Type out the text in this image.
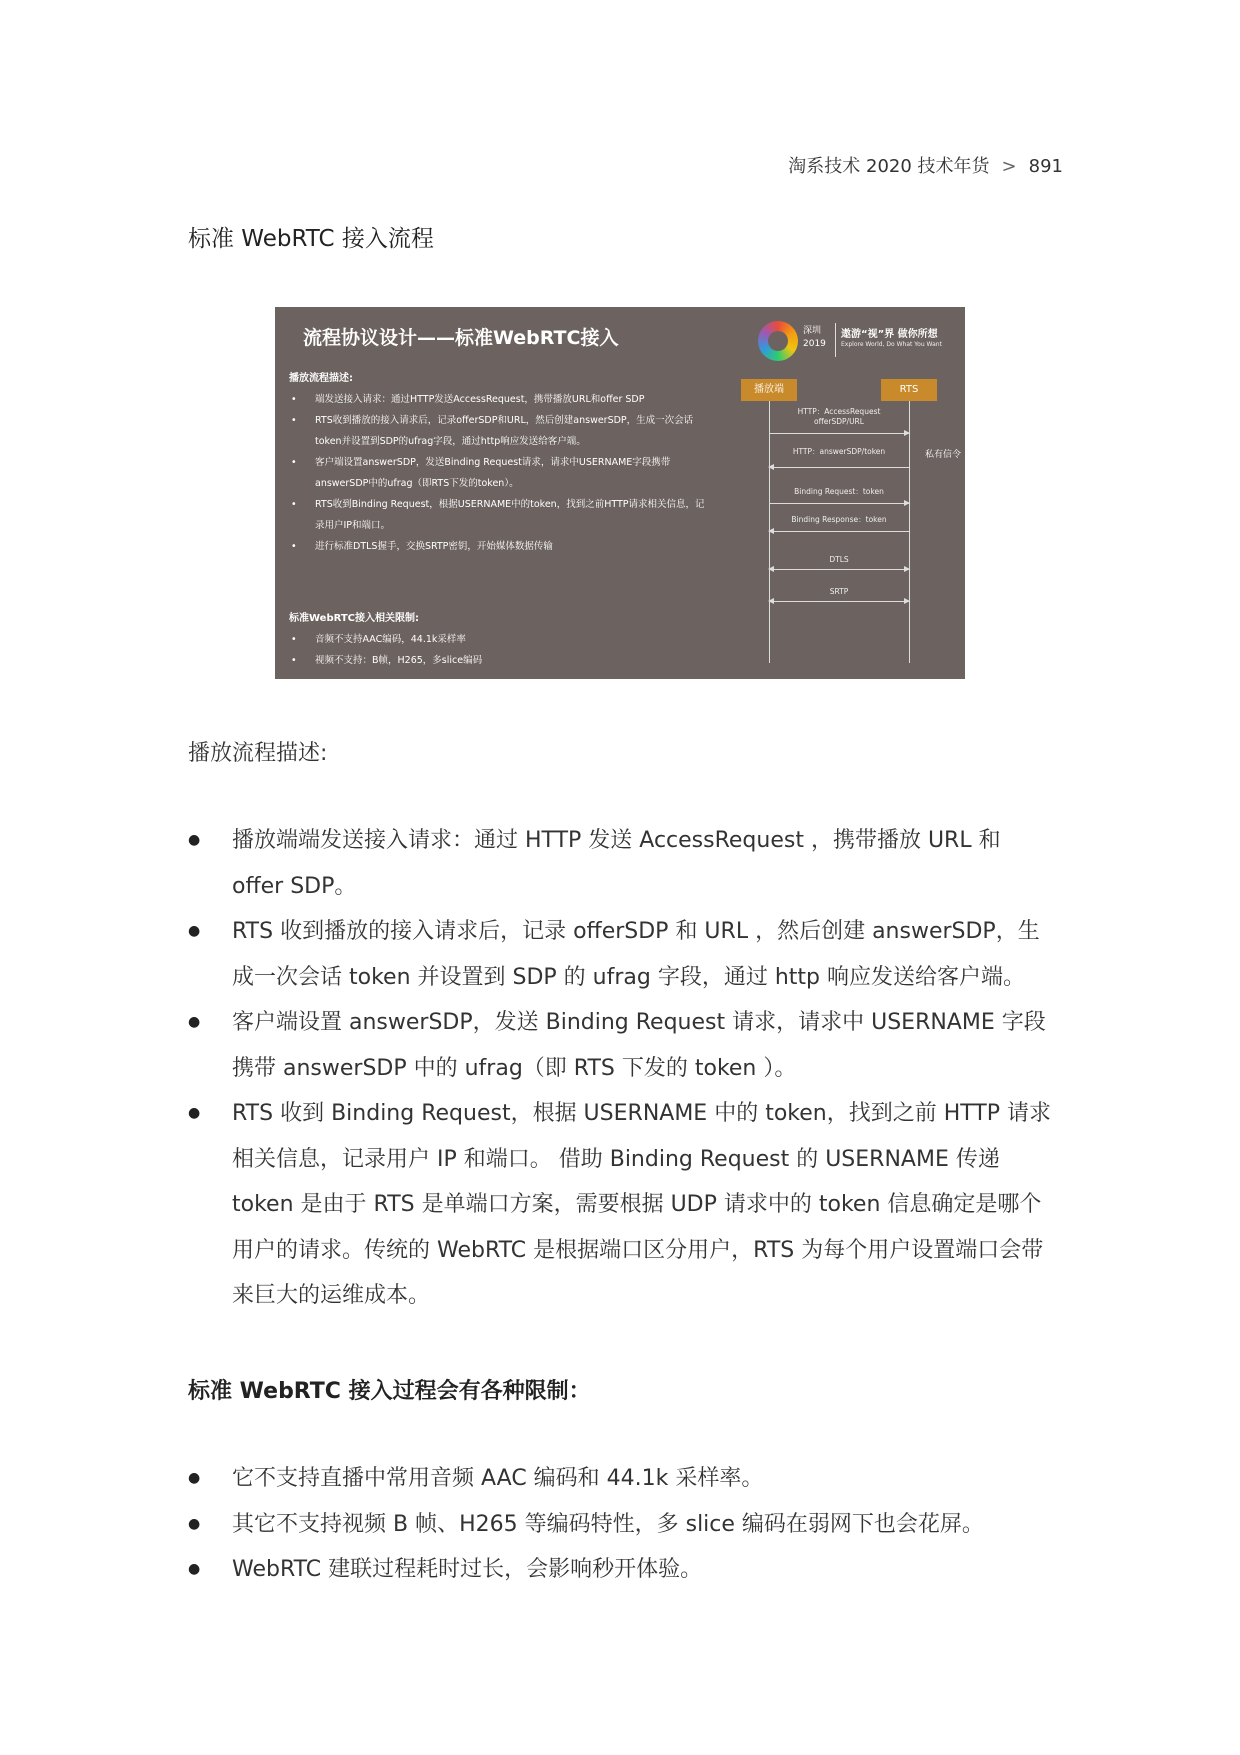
淘系技术 2020 技术年货 > 891
标准 WebRTC 接入流程
流程协议设计——标准WebRTC接入	深圳
2019
遨游“视”界 做你所想
Explore World, Do What You Want
播放流程描述:
• 端发送接入请求：通过HTTP发送AccessRequest，携带播放URL和offer SDP
• RTS收到播放的接入请求后，记录offerSDP和URL，然后创建answerSDP，生成一次会话token并设置到SDP的ufrag字段，通过http响应发送给客户端。
• 客户端设置answerSDP，发送Binding Request请求，请求中USERNAME字段携带answerSDP中的ufrag（即RTS下发的token）。
• RTS收到Binding Request，根据USERNAME中的token，找到之前HTTP请求相关信息，记录用户IP和端口。
• 进行标准DTLS握手，交换SRTP密钥，开始媒体数据传输
标准WebRTC接入相关限制:
• 音频不支持AAC编码，44.1k采样率
• 视频不支持：B帧，H265，多slice编码
播放端	RTS
私有信令
HTTP：AccessRequest
offerSDP/URL
HTTP：answerSDP/token
Binding Request：token
Binding Response：token
DTLS
SRTP
播放流程描述:
● 播放端端发送接入请求：通过 HTTP 发送 AccessRequest ，携带播放 URL 和 offer SDP。
● RTS 收到播放的接入请求后，记录 offerSDP 和 URL ，然后创建 answerSDP，生成一次会话 token 并设置到 SDP 的 ufrag 字段，通过 http 响应发送给客户端。
● 客户端设置 answerSDP，发送 Binding Request 请求，请求中 USERNAME 字段携带 answerSDP 中的 ufrag（即 RTS 下发的 token ）。
● RTS 收到 Binding Request，根据 USERNAME 中的 token，找到之前 HTTP 请求相关信息，记录用户 IP 和端口。 借助 Binding Request 的 USERNAME 传递 token 是由于 RTS 是单端口方案，需要根据 UDP 请求中的 token 信息确定是哪个用户的请求。传统的 WebRTC 是根据端口区分用户，RTS 为每个用户设置端口会带来巨大的运维成本。
标准 WebRTC 接入过程会有各种限制：
● 它不支持直播中常用音频 AAC 编码和 44.1k 采样率。
● 其它不支持视频 B 帧、H265 等编码特性，多 slice 编码在弱网下也会花屏。
● WebRTC 建联过程耗时过长，会影响秒开体验。
